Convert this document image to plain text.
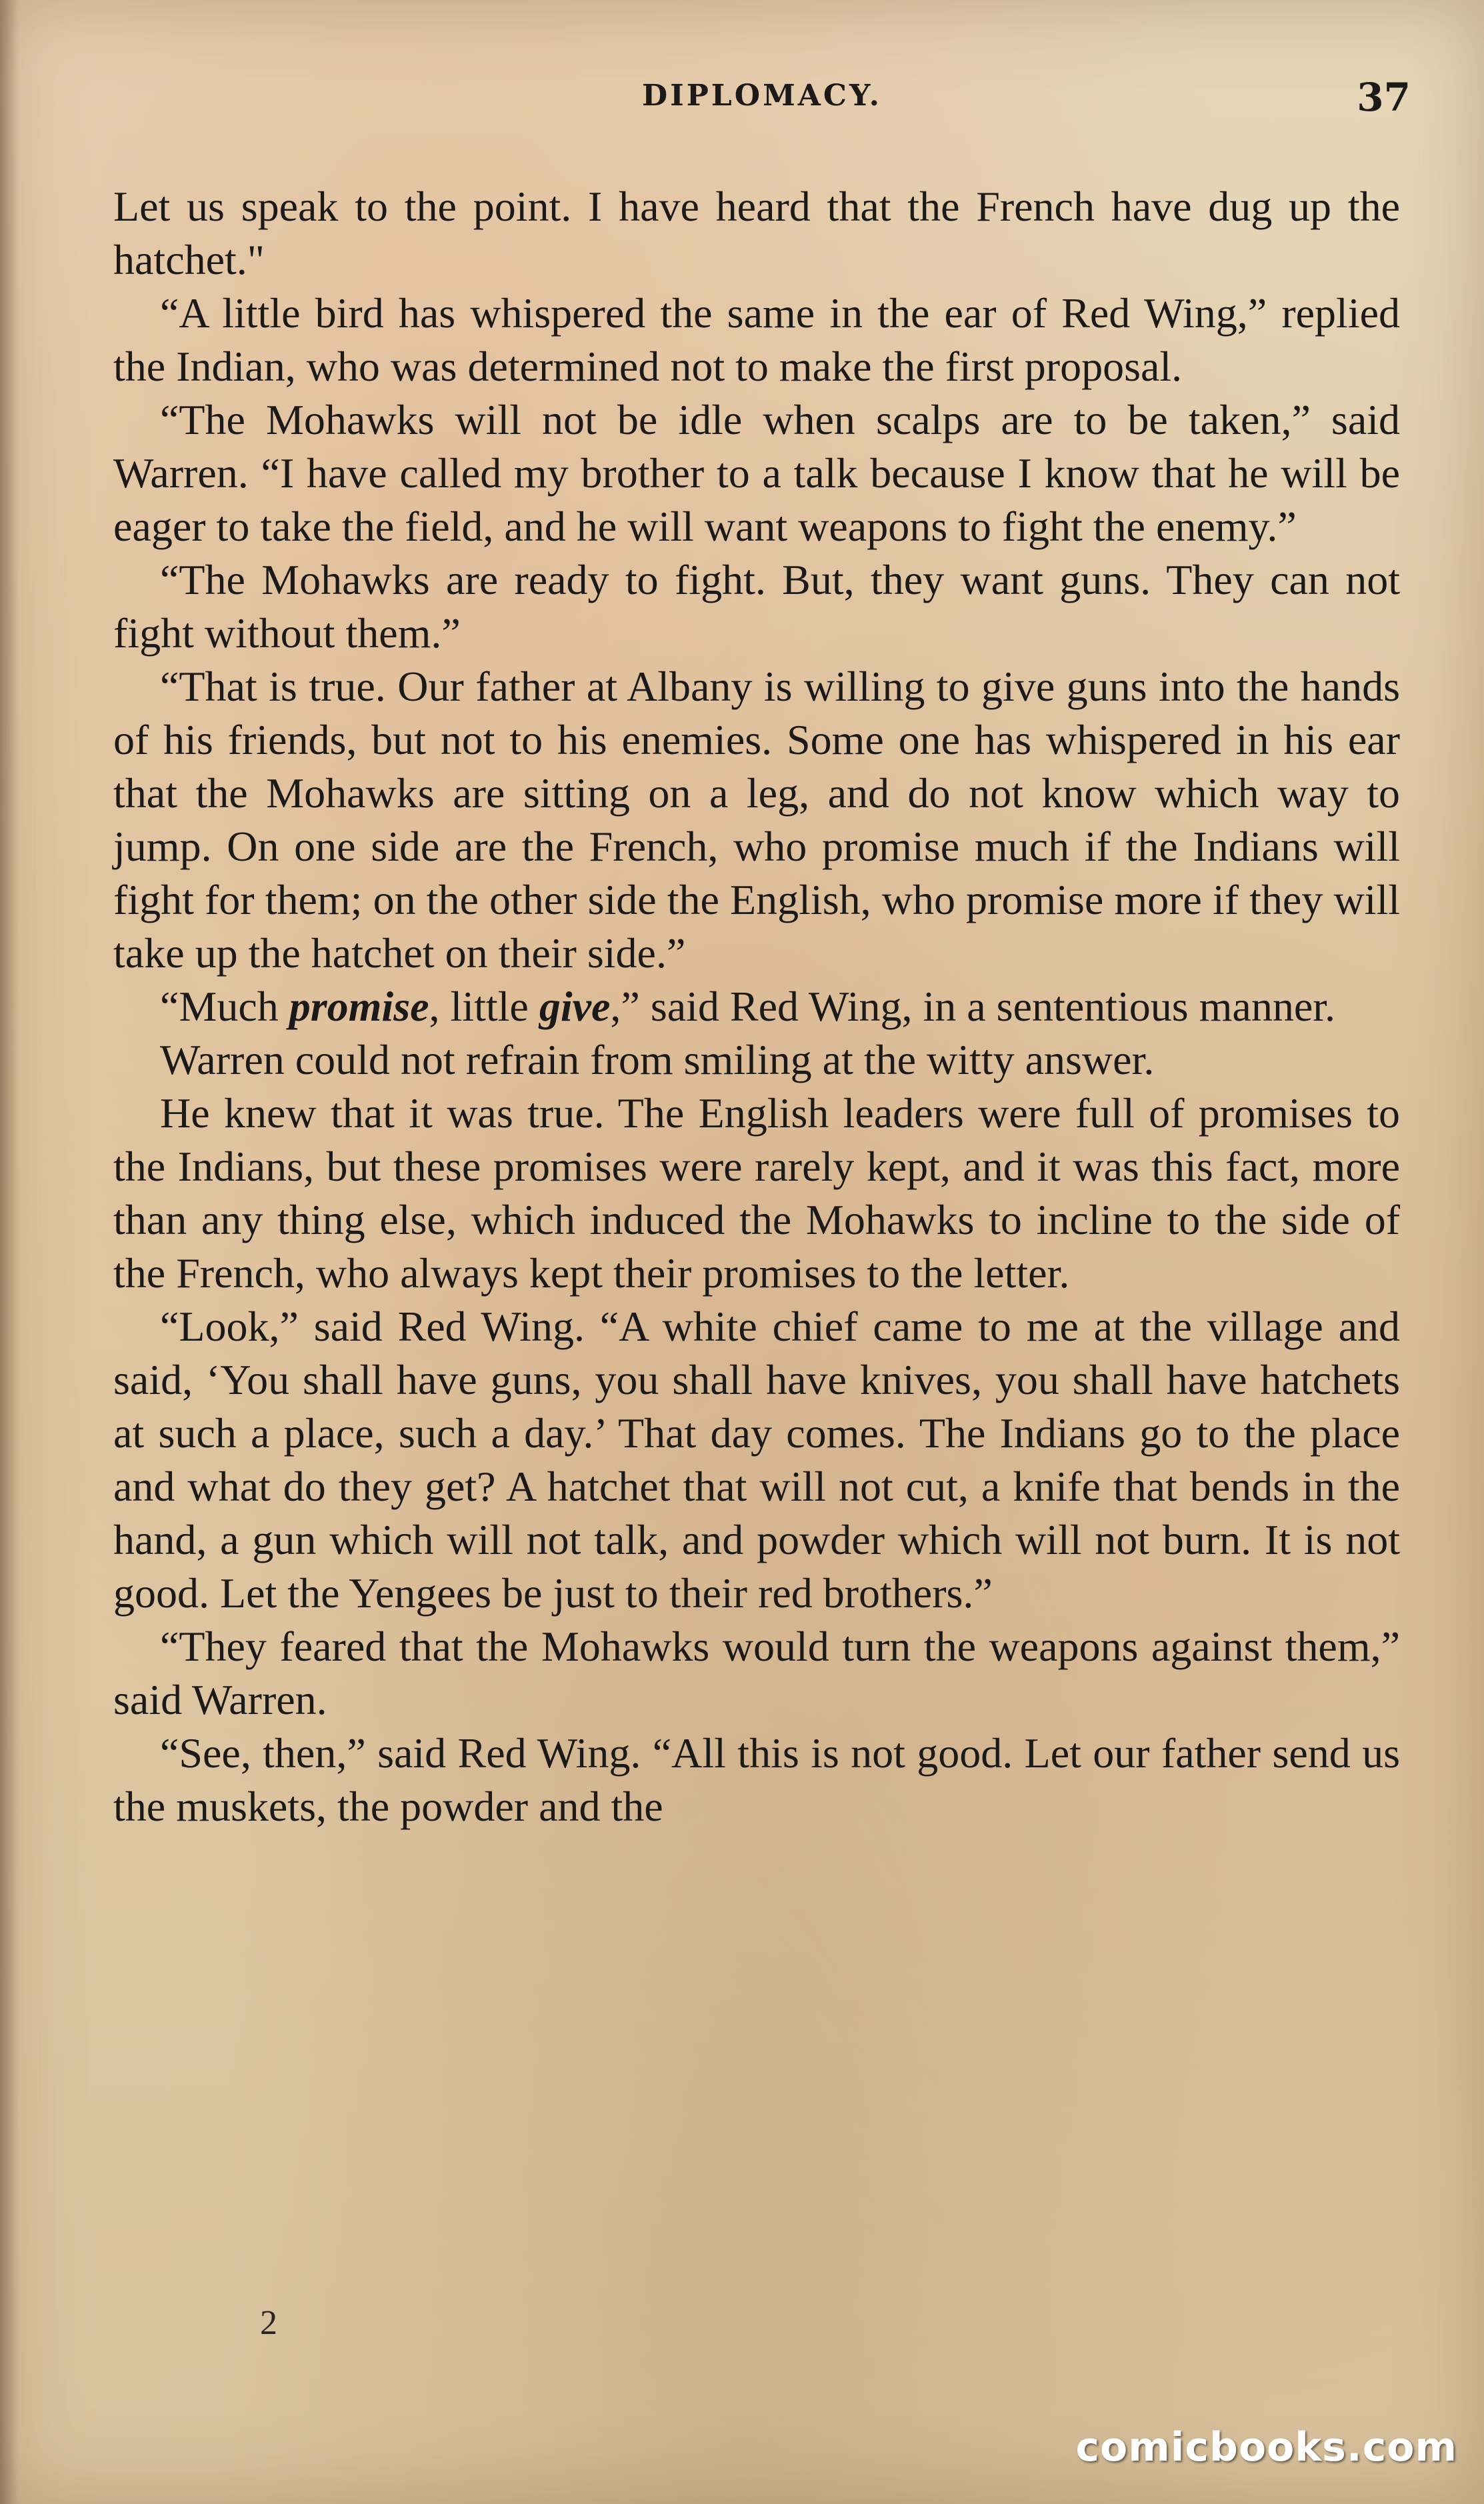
DIPLOMACY.	37

Let us speak to the point. I have heard that the French have dug up the hatchet."

“A little bird has whispered the same in the ear of Red Wing,” replied the Indian, who was determined not to make the first proposal.

“The Mohawks will not be idle when scalps are to be taken,” said Warren. “I have called my brother to a talk because I know that he will be eager to take the field, and he will want weapons to fight the enemy.”

“The Mohawks are ready to fight. But, they want guns. They can not fight without them.”

“That is true. Our father at Albany is willing to give guns into the hands of his friends, but not to his enemies. Some one has whispered in his ear that the Mohawks are sitting on a leg, and do not know which way to jump. On one side are the French, who promise much if the Indians will fight for them; on the other side the English, who promise more if they will take up the hatchet on their side.”

“Much promise, little give,” said Red Wing, in a sententious manner.

Warren could not refrain from smiling at the witty answer.

He knew that it was true. The English leaders were full of promises to the Indians, but these promises were rarely kept, and it was this fact, more than any thing else, which induced the Mohawks to incline to the side of the French, who always kept their promises to the letter.

“Look,” said Red Wing. “A white chief came to me at the village and said, ‘You shall have guns, you shall have knives, you shall have hatchets at such a place, such a day.’ That day comes. The Indians go to the place and what do they get? A hatchet that will not cut, a knife that bends in the hand, a gun which will not talk, and powder which will not burn. It is not good. Let the Yengees be just to their red brothers.”

“They feared that the Mohawks would turn the weapons against them,” said Warren.

“See, then,” said Red Wing. “All this is not good. Let our father send us the muskets, the powder and the

2
comicbooks.com
